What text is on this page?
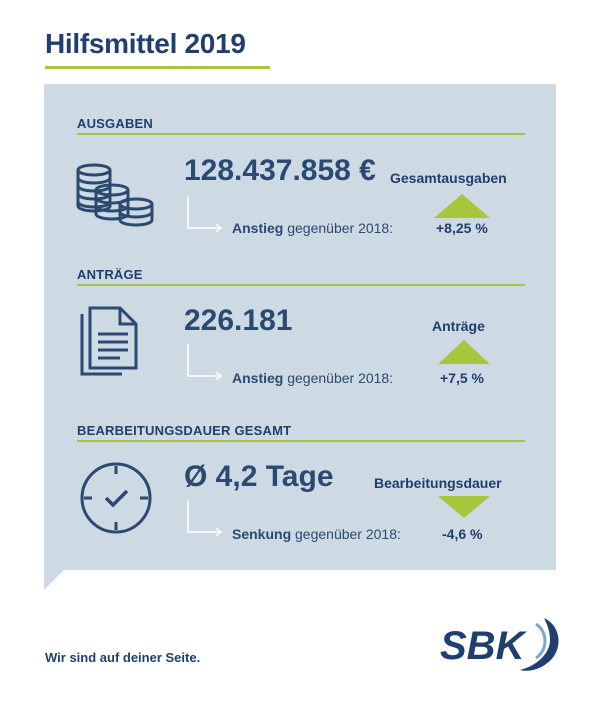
Hilfsmittel 2019
AUSGABEN
128.437.858 € Gesamtausgaben
Anstieg gegenüber 2018:	+8,25 %
ANTRÄGE
226.181	Anträge
Anstieg gegenüber 2018:	+7,5 %
BEARBEITUNGSDAUER GESAMT
Ø 4,2 Tage	Bearbeitungsdauer
Senkung gegenüber 2018:	-4,6 %
Wir sind auf deiner Seite.	SBK
